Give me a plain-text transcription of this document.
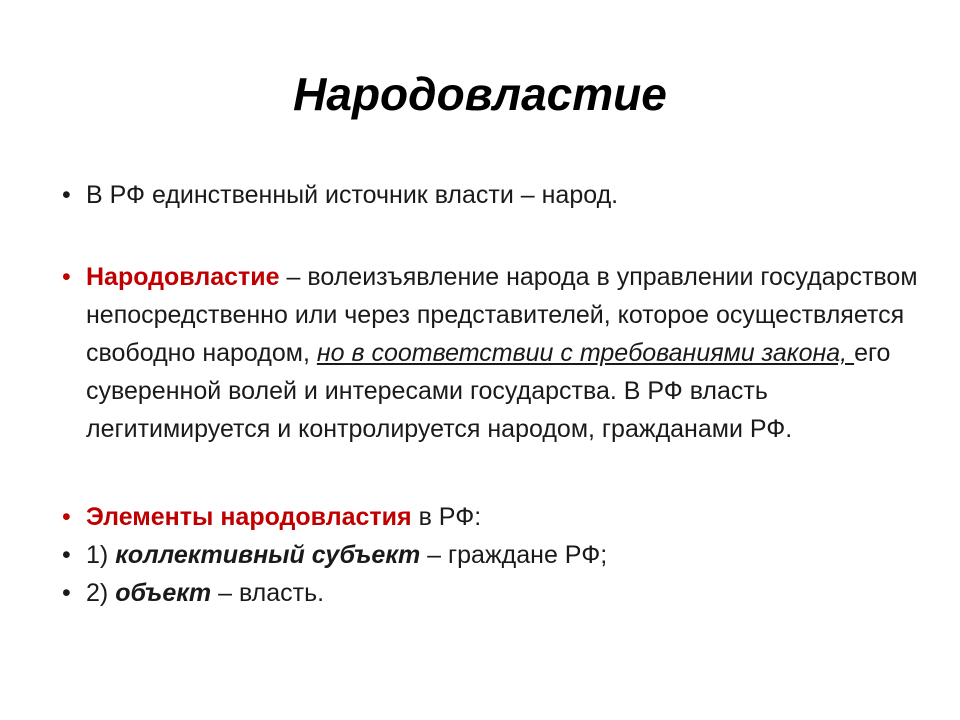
Народовластие
• В РФ единственный источник власти – народ.
• Народовластие – волеизъявление народа в управлении государством непосредственно или через представителей, которое осуществляется свободно народом, но в соответствии с требованиями закона, его суверенной волей и интересами государства. В РФ власть легитимируется и контролируется народом, гражданами РФ.
• Элементы народовластия в РФ:
• 1) коллективный субъект – граждане РФ;
• 2) объект – власть.
